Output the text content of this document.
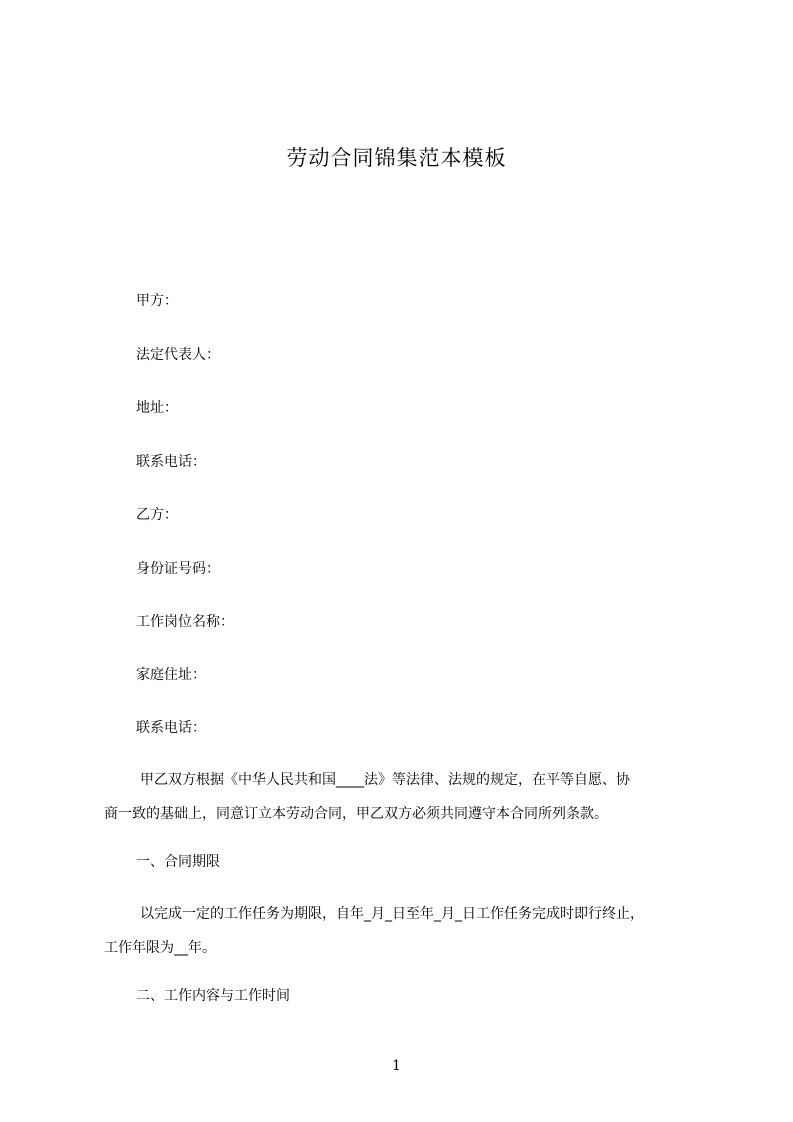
劳动合同锦集范本模板
甲方：
法定代表人：
地址：
联系电话：
乙方：
身份证号码：
工作岗位名称：
家庭住址：
联系电话：
甲乙双方根据《中华人民共和国____法》等法律、法规的规定，在平等自愿、协
商一致的基础上，同意订立本劳动合同，甲乙双方必须共同遵守本合同所列条款。
一、合同期限
以完成一定的工作任务为期限，自年_月_日至年_月_日工作任务完成时即行终止，
工作年限为__年。
二、工作内容与工作时间
1
